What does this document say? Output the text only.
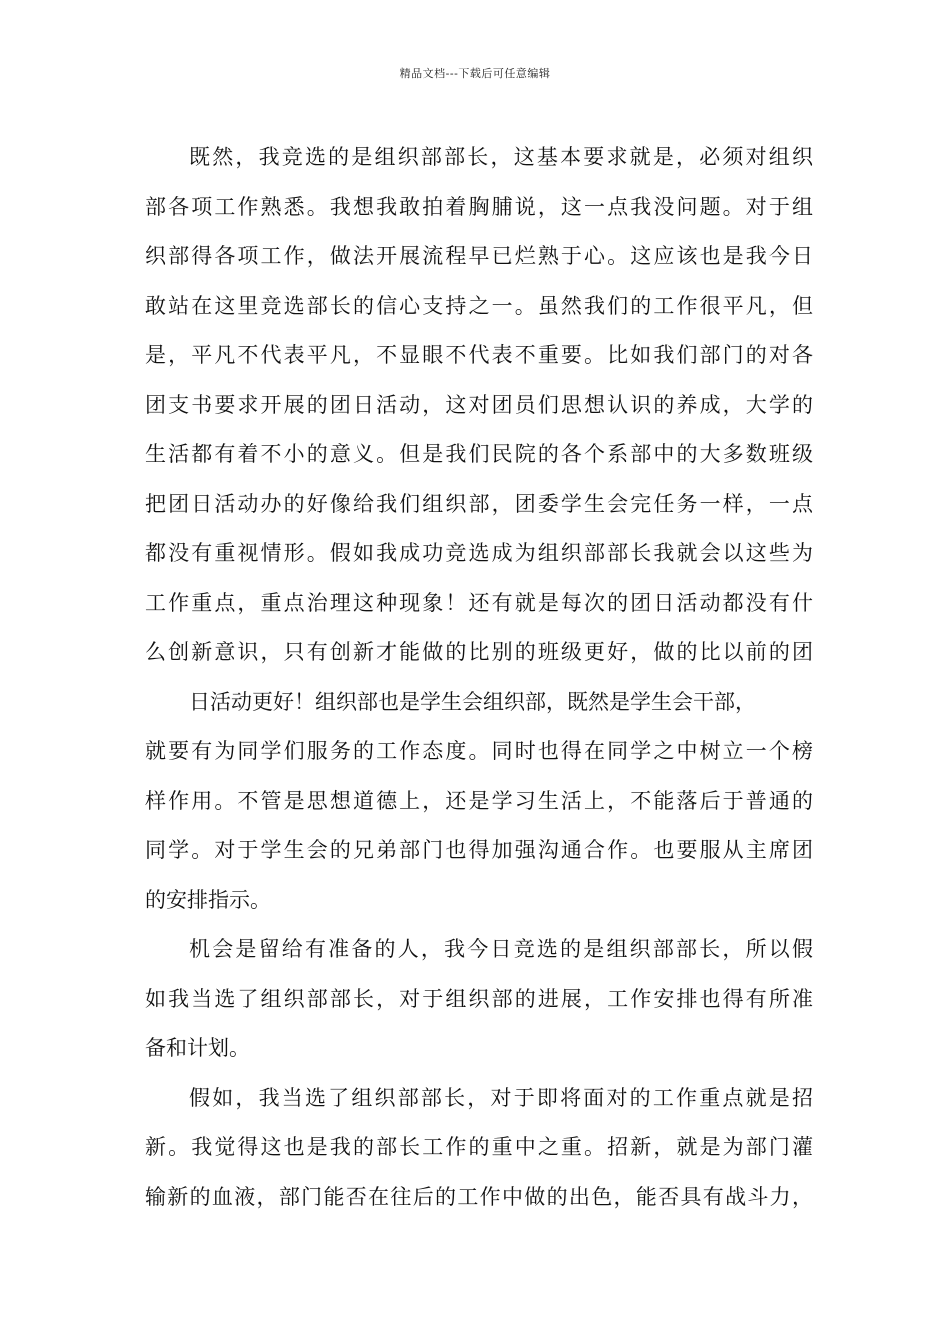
精品文档---下载后可任意编辑
既然，我竞选的是组织部部长，这基本要求就是，必须对组织
部各项工作熟悉。我想我敢拍着胸脯说，这一点我没问题。对于组
织部得各项工作，做法开展流程早已烂熟于心。这应该也是我今日
敢站在这里竞选部长的信心支持之一。虽然我们的工作很平凡，但
是，平凡不代表平凡，不显眼不代表不重要。比如我们部门的对各
团支书要求开展的团日活动，这对团员们思想认识的养成，大学的
生活都有着不小的意义。但是我们民院的各个系部中的大多数班级
把团日活动办的好像给我们组织部，团委学生会完任务一样，一点
都没有重视情形。假如我成功竞选成为组织部部长我就会以这些为
工作重点，重点治理这种现象！还有就是每次的团日活动都没有什
么创新意识，只有创新才能做的比别的班级更好，做的比以前的团
日活动更好！组织部也是学生会组织部，既然是学生会干部，
就要有为同学们服务的工作态度。同时也得在同学之中树立一个榜
样作用。不管是思想道德上，还是学习生活上，不能落后于普通的
同学。对于学生会的兄弟部门也得加强沟通合作。也要服从主席团
的安排指示。
机会是留给有准备的人，我今日竞选的是组织部部长，所以假
如我当选了组织部部长，对于组织部的进展，工作安排也得有所准
备和计划。
假如，我当选了组织部部长，对于即将面对的工作重点就是招
新。我觉得这也是我的部长工作的重中之重。招新，就是为部门灌
输新的血液，部门能否在往后的工作中做的出色，能否具有战斗力，
